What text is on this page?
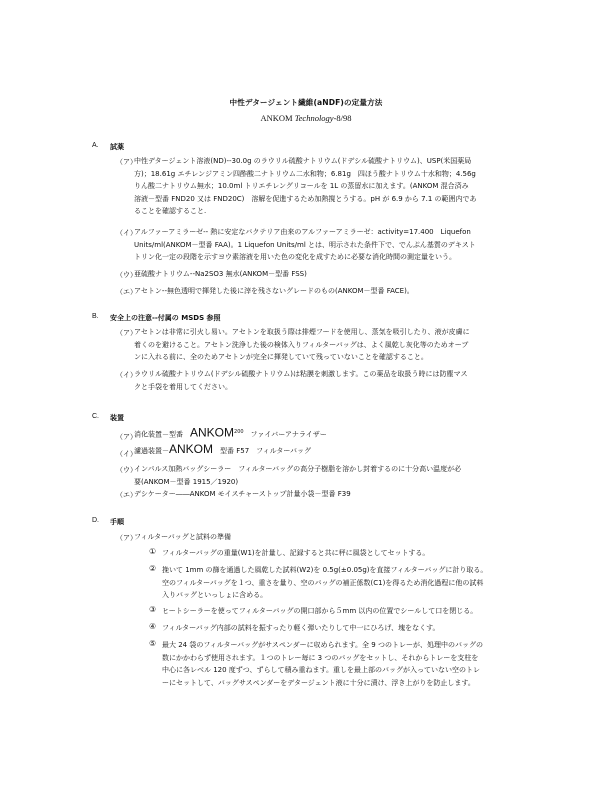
中性デタージェント繊維(aNDF)の定量方法
ANKOM Technology-8/98
A. 試薬
（ア）
中性デタージェント溶液(ND)--30.0g のラウリル硫酸ナトリウム(ドデシル硫酸ナトリウム)、USP(米国薬局
方)；18.61g エチレンジアミン四酢酸二ナトリウム二水和物；6.81g　四ほう酸ナトリウム十水和物；4.56g
りん酸二ナトリウム無水；10.0ml トリエチレングリコールを 1L の蒸留水に加えます。(ANKOM 混合済み
溶液－型番 FND20 又は FND20C)　溶解を促進するため加熱撹とうする。pH が 6.9 から 7.1 の範囲内であ
ることを確認すること.
（イ）
アルファーアミラーゼ-- 熱に安定なバクテリア由来のアルファーアミラーゼ：activity=17.400　Liquefon
Units/ml(ANKOM－型番 FAA)。1 Liquefon Units/ml とは、明示された条件下で、でんぷん基質のデキスト
トリン化一定の段階を示すヨウ素溶液を用いた色の変化を成すために必要な消化時間の測定量をいう。
（ウ）
亜硫酸ナトリウム--Na2SO3 無水(ANKOM－型番 FSS)
（エ）
アセトン--無色透明で揮発した後に滓を残さないグレードのもの(ANKOM－型番 FACE)。
B. 安全上の注意--付属の MSDS 参照
（ア）
アセトンは非常に引火し易い。アセトンを取扱う際は排煙フードを使用し、蒸気を吸引したり、液が皮膚に
着くのを避けること。アセトン洗浄した後の検体入りフィルターバッグは、よく風乾し灰化等のためオーブ
ンに入れる前に、全のためアセトンが完全に揮発していて残っていないことを確認すること。
（イ）
ラウリル硫酸ナトリウム(ドデシル硫酸ナトリウム)は粘膜を刺激します。この薬品を取扱う時には防塵マス
クと手袋を着用してください。
C. 装置
（ア）
消化装置－型番　ANKOM$^{200}$　ファイバーアナライザー
（イ）
濾過装置－ANKOM　型番 F57　フィルターバッグ
（ウ）
インパルス加熱バッグシーラー　フィルターバッグの高分子樹脂を溶かし封着するのに十分高い温度が必
要(ANKOM－型番 1915／1920)
（エ）
デシケーター――ANKOM モイスチャーストップ計量小袋－型番 F39
D. 手順
（ア）
フィルターバッグと試料の準備
① フィルターバッグの重量(W1)を計量し、記録すると共に秤に風袋としてセットする。
② 挽いて 1mm の篩を通過した風乾した試料(W2)を 0.5g(±0.05g)を直接フィルターバッグに計り取る。
空のフィルターバッグを１つ、重さを量り、空のバッグの補正係数(C1)を得るため消化過程に他の試料
入りバッグといっしょに含める。
③ ヒートシーラーを使ってフィルターバッグの開口部から５mm 以内の位置でシールして口を閉じる。
④ フィルターバッグ内部の試料を振すったり軽く弾いたりして中一にひろげ、塊をなくす。
⑤ 最大 24 袋のフィルターバッグがサスペンダーに収められます。全 9 つのトレーが、処理中のバッグの
数にかかわらず使用されます。１つのトレー毎に 3 つのバッグをセットし、それからトレーを支柱を
中心に各レベル 120 度ずつ、ずらして積み重ねます。重しを最上部のバッグが入っていない空のトレ
ーにセットして、バッグサスペンダーをデタージェント液に十分に漬け、浮き上がりを防止します。
